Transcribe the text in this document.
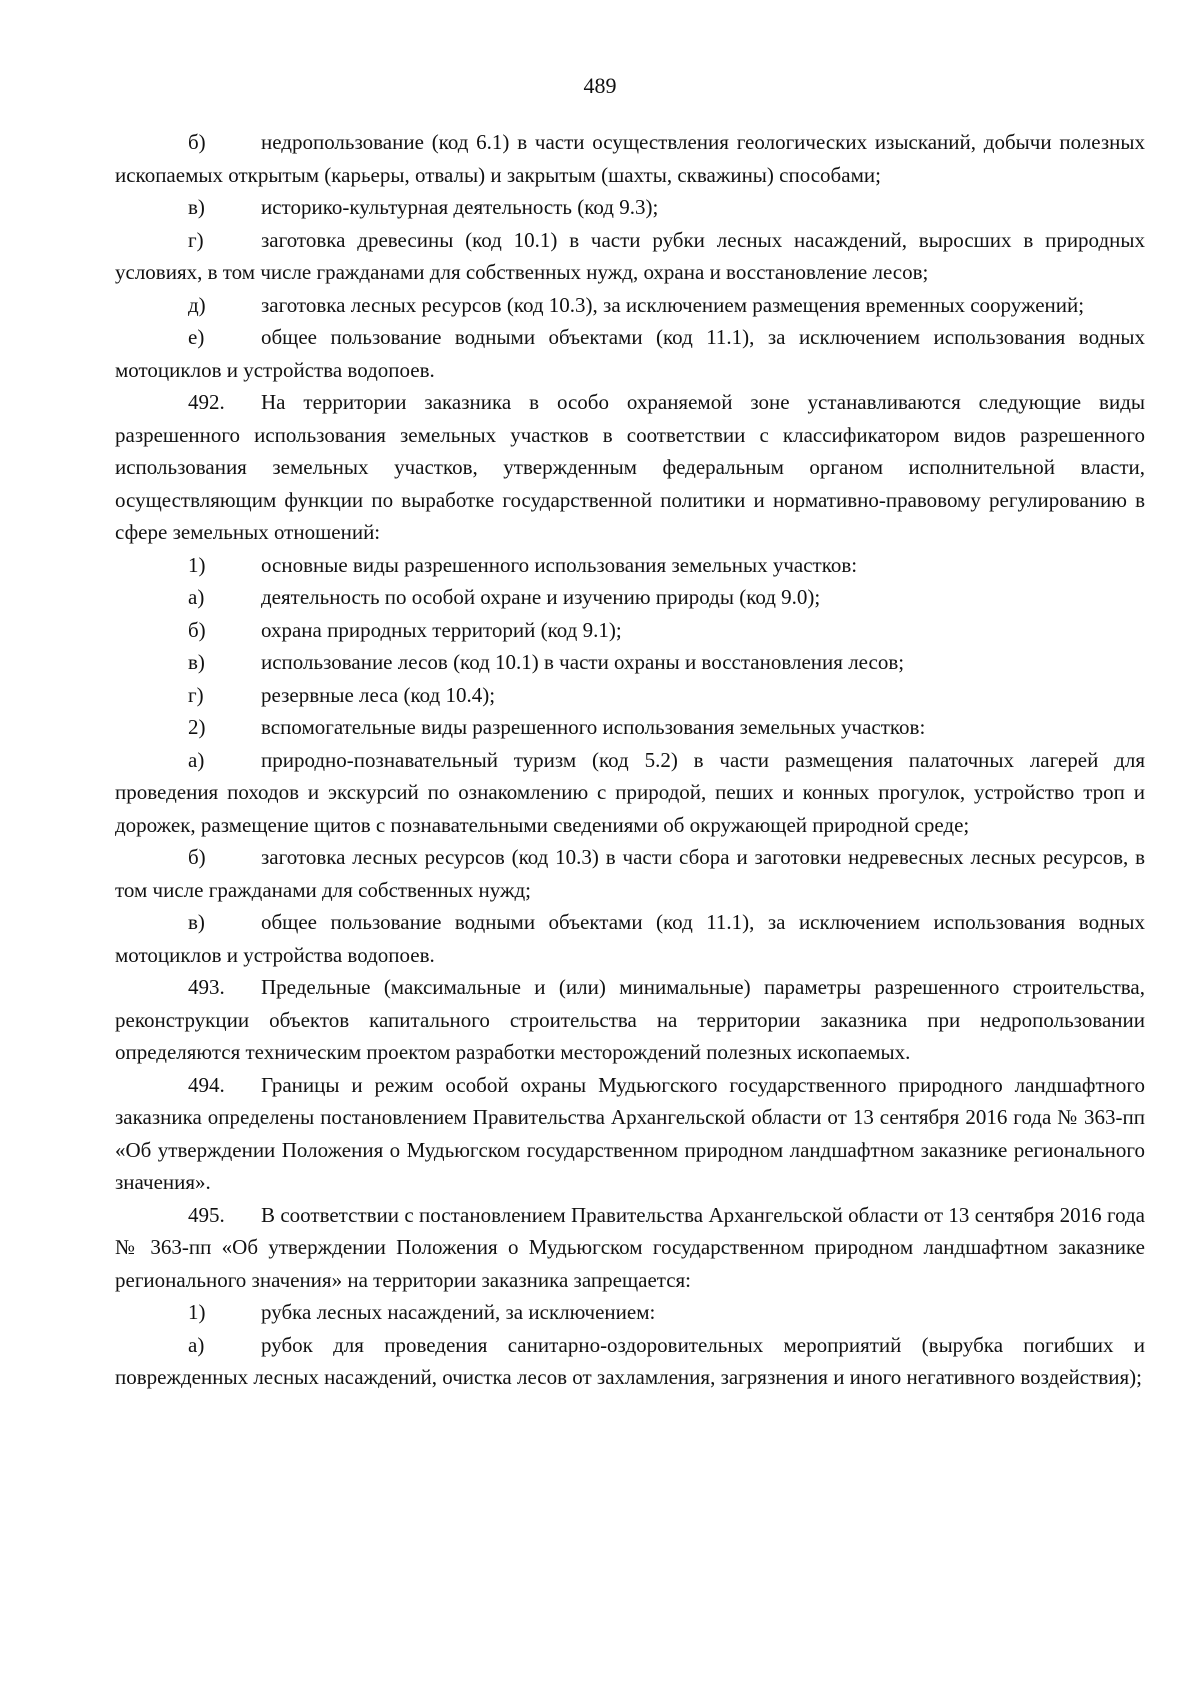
489

б)	недропользование (код 6.1) в части осуществления геологических изысканий, добычи полезных ископаемых открытым (карьеры, отвалы) и закрытым (шахты, скважины) способами;

в)	историко-культурная деятельность (код 9.3);

г)	заготовка древесины (код 10.1) в части рубки лесных насаждений, выросших в природных условиях, в том числе гражданами для собственных нужд, охрана и восстановление лесов;

д)	заготовка лесных ресурсов (код 10.3), за исключением размещения временных сооружений;

е)	общее пользование водными объектами (код 11.1), за исключением использования водных мотоциклов и устройства водопоев.

492. На территории заказника в особо охраняемой зоне устанавливаются следующие виды разрешенного использования земельных участков в соответствии с классификатором видов разрешенного использования земельных участков, утвержденным федеральным органом исполнительной власти, осуществляющим функции по выработке государственной политики и нормативно-правовому регулированию в сфере земельных отношений:

1)	основные виды разрешенного использования земельных участков:

а)	деятельность по особой охране и изучению природы (код 9.0);

б)	охрана природных территорий (код 9.1);

в)	использование лесов (код 10.1) в части охраны и восстановления лесов;

г)	резервные леса (код 10.4);

2)	вспомогательные виды разрешенного использования земельных участков:

а)	природно-познавательный туризм (код 5.2) в части размещения палаточных лагерей для проведения походов и экскурсий по ознакомлению с природой, пеших и конных прогулок, устройство троп и дорожек, размещение щитов с познавательными сведениями об окружающей природной среде;

б)	заготовка лесных ресурсов (код 10.3) в части сбора и заготовки недревесных лесных ресурсов, в том числе гражданами для собственных нужд;

в)	общее пользование водными объектами (код 11.1), за исключением использования водных мотоциклов и устройства водопоев.

493. Предельные (максимальные и (или) минимальные) параметры разрешенного строительства, реконструкции объектов капитального строительства на территории заказника при недропользовании определяются техническим проектом разработки месторождений полезных ископаемых.

494. Границы и режим особой охраны Мудьюгского государственного природного ландшафтного заказника определены постановлением Правительства Архангельской области от 13 сентября 2016 года № 363-пп «Об утверждении Положения о Мудьюгском государственном природном ландшафтном заказнике регионального значения».

495. В соответствии с постановлением Правительства Архангельской области от 13 сентября 2016 года № 363-пп «Об утверждении Положения о Мудьюгском государственном природном ландшафтном заказнике регионального значения» на территории заказника запрещается:

1)	рубка лесных насаждений, за исключением:

а)	рубок для проведения санитарно-оздоровительных мероприятий (вырубка погибших и поврежденных лесных насаждений, очистка лесов от захламления, загрязнения и иного негативного воздействия);
